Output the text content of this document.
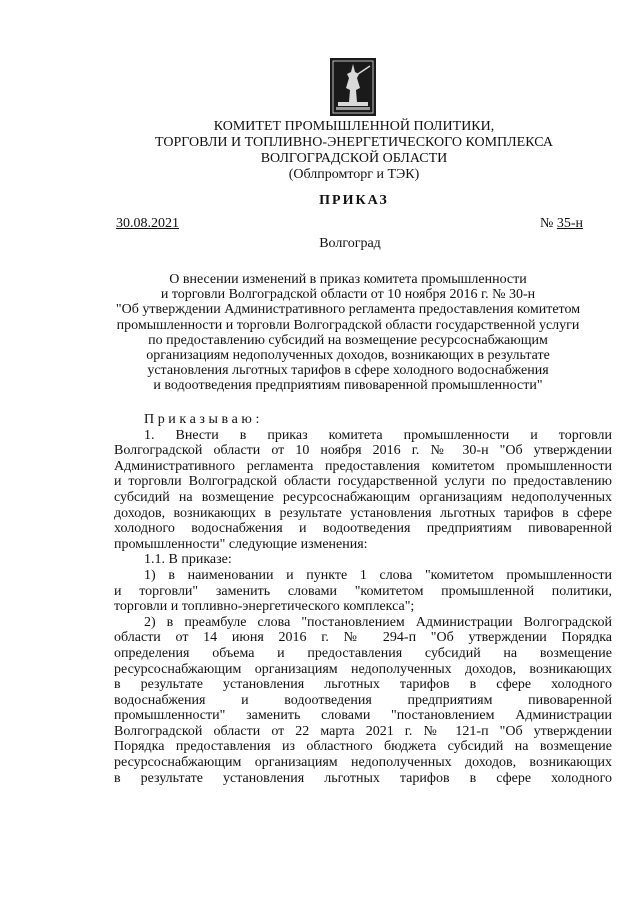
КОМИТЕТ ПРОМЫШЛЕННОЙ ПОЛИТИКИ,
ТОРГОВЛИ И ТОПЛИВНО-ЭНЕРГЕТИЧЕСКОГО КОМПЛЕКСА
ВОЛГОГРАДСКОЙ ОБЛАСТИ
(Облпромторг и ТЭК)
ПРИКАЗ
30.08.2021	№ 35-н
Волгоград
О внесении изменений в приказ комитета промышленности
и торговли Волгоградской области от 10 ноября 2016 г. № 30-н
"Об утверждении Административного регламента предоставления комитетом
промышленности и торговли Волгоградской области государственной услуги
по предоставлению субсидий на возмещение ресурсоснабжающим
организациям недополученных доходов, возникающих в результате
установления льготных тарифов в сфере холодного водоснабжения
и водоотведения предприятиям пивоваренной промышленности"
Приказываю:
1. Внести в приказ комитета промышленности и торговли
Волгоградской области от 10 ноября 2016 г. № 30-н "Об утверждении
Административного регламента предоставления комитетом промышленности
и торговли Волгоградской области государственной услуги по предоставлению
субсидий на возмещение ресурсоснабжающим организациям недополученных
доходов, возникающих в результате установления льготных тарифов в сфере
холодного водоснабжения и водоотведения предприятиям пивоваренной
промышленности" следующие изменения:
1.1. В приказе:
1) в наименовании и пункте 1 слова "комитетом промышленности
и торговли" заменить словами "комитетом промышленной политики,
торговли и топливно-энергетического комплекса";
2) в преамбуле слова "постановлением Администрации Волгоградской
области от 14 июня 2016 г. № 294-п "Об утверждении Порядка
определения объема и предоставления субсидий на возмещение
ресурсоснабжающим организациям недополученных доходов, возникающих
в результате установления льготных тарифов в сфере холодного
водоснабжения и водоотведения предприятиям пивоваренной
промышленности" заменить словами "постановлением Администрации
Волгоградской области от 22 марта 2021 г. № 121-п "Об утверждении
Порядка предоставления из областного бюджета субсидий на возмещение
ресурсоснабжающим организациям недополученных доходов, возникающих
в результате установления льготных тарифов в сфере холодного
